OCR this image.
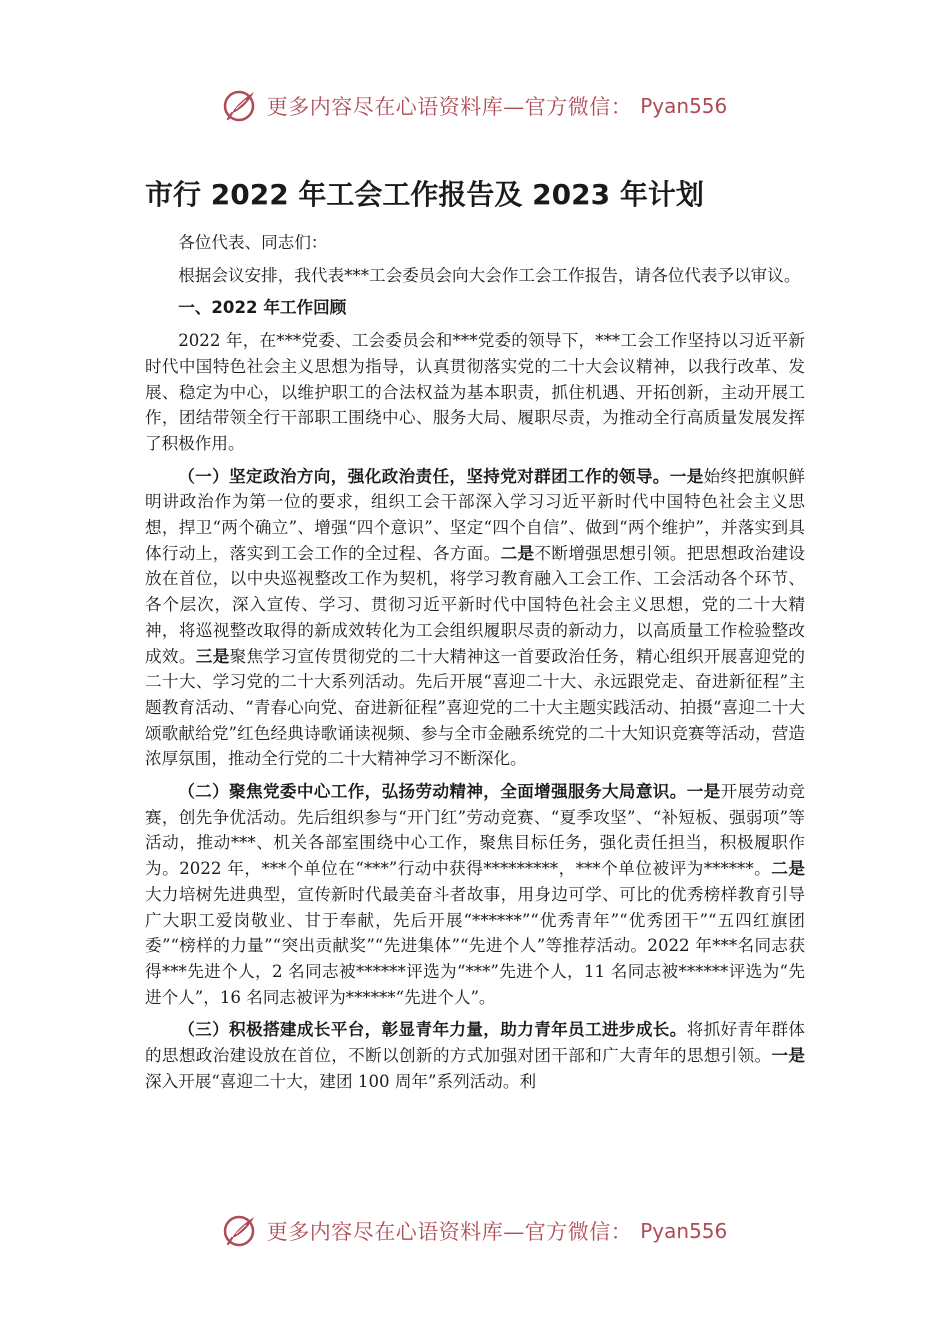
更多内容尽在心语资料库—官方微信： Pyan556
市行 2022 年工会工作报告及 2023 年计划

各位代表、同志们：

根据会议安排，我代表***工会委员会向大会作工会工作报告，请各位代表予以审议。

一、2022 年工作回顾

2022 年，在***党委、工会委员会和***党委的领导下，***工会工作坚持以习近平新时代中国特色社会主义思想为指导，认真贯彻落实党的二十大会议精神，以我行改革、发展、稳定为中心，以维护职工的合法权益为基本职责，抓住机遇、开拓创新，主动开展工作，团结带领全行干部职工围绕中心、服务大局、履职尽责，为推动全行高质量发展发挥了积极作用。

（一）坚定政治方向，强化政治责任，坚持党对群团工作的领导。一是始终把旗帜鲜明讲政治作为第一位的要求，组织工会干部深入学习习近平新时代中国特色社会主义思想，捍卫“两个确立”、增强“四个意识”、坚定“四个自信”、做到“两个维护”，并落实到具体行动上，落实到工会工作的全过程、各方面。二是不断增强思想引领。把思想政治建设放在首位，以中央巡视整改工作为契机，将学习教育融入工会工作、工会活动各个环节、各个层次，深入宣传、学习、贯彻习近平新时代中国特色社会主义思想，党的二十大精神，将巡视整改取得的新成效转化为工会组织履职尽责的新动力，以高质量工作检验整改成效。三是聚焦学习宣传贯彻党的二十大精神这一首要政治任务，精心组织开展喜迎党的二十大、学习党的二十大系列活动。先后开展“喜迎二十大、永远跟党走、奋进新征程”主题教育活动、“青春心向党、奋进新征程”喜迎党的二十大主题实践活动、拍摄“喜迎二十大 颂歌献给党”红色经典诗歌诵读视频、参与全市金融系统党的二十大知识竞赛等活动，营造浓厚氛围，推动全行党的二十大精神学习不断深化。

（二）聚焦党委中心工作，弘扬劳动精神，全面增强服务大局意识。一是开展劳动竞赛，创先争优活动。先后组织参与“开门红”劳动竞赛、“夏季攻坚”、“补短板、强弱项”等活动，推动***、机关各部室围绕中心工作，聚焦目标任务，强化责任担当，积极履职作为。2022 年，***个单位在“***”行动中获得*********，***个单位被评为******。二是大力培树先进典型，宣传新时代最美奋斗者故事，用身边可学、可比的优秀榜样教育引导广大职工爱岗敬业、甘于奉献，先后开展“******”“优秀青年”“优秀团干”“五四红旗团委”“榜样的力量”“突出贡献奖”“先进集体”“先进个人”等推荐活动。2022 年***名同志获得***先进个人，2 名同志被******评选为“***”先进个人，11 名同志被******评选为“先进个人”，16 名同志被评为******“先进个人”。

（三）积极搭建成长平台，彰显青年力量，助力青年员工进步成长。将抓好青年群体的思想政治建设放在首位，不断以创新的方式加强对团干部和广大青年的思想引领。一是深入开展“喜迎二十大，建团 100 周年”系列活动。利

更多内容尽在心语资料库—官方微信： Pyan556
